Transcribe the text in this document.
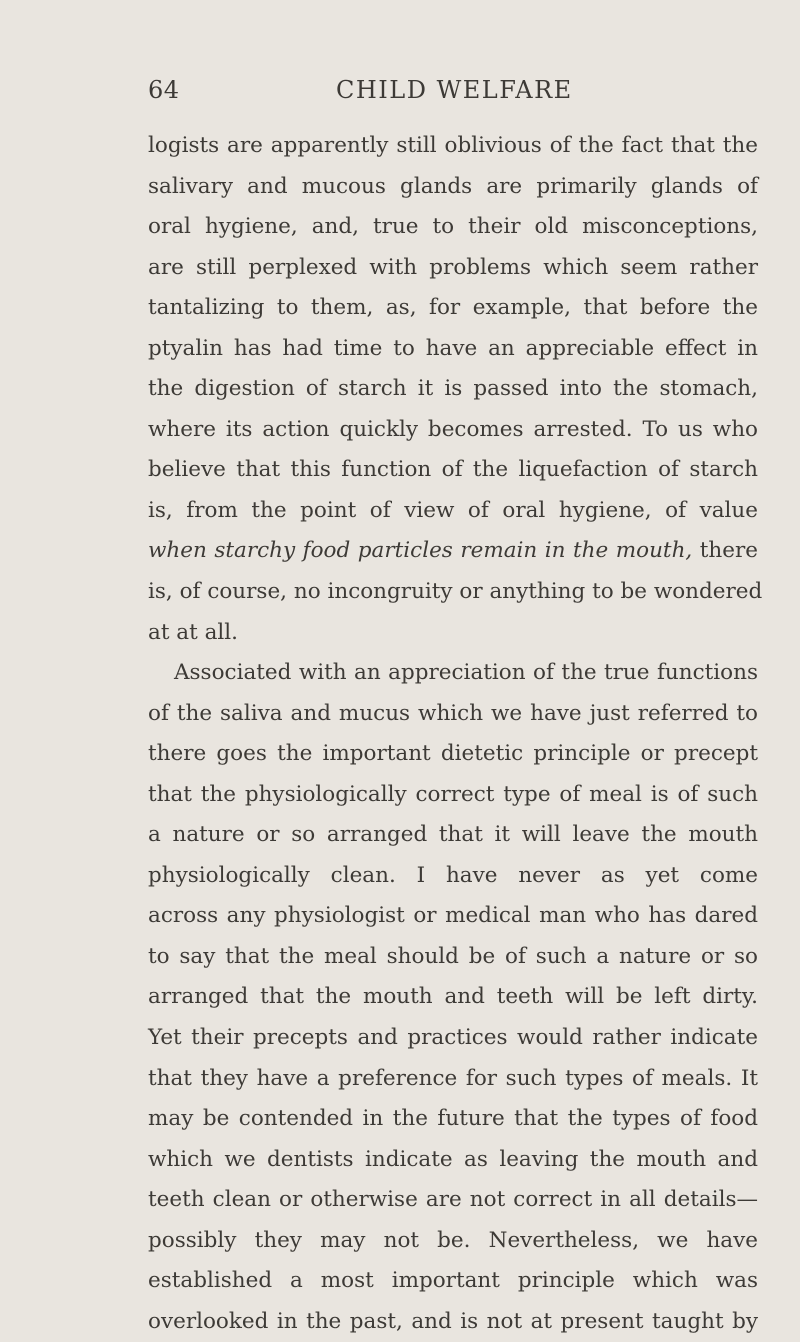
64	CHILD WELFARE
logists are apparently still oblivious of the fact that the
salivary and mucous glands are primarily glands of
oral hygiene, and, true to their old misconceptions,
are still perplexed with problems which seem rather
tantalizing to them, as, for example, that before the
ptyalin has had time to have an appreciable effect in
the digestion of starch it is passed into the stomach,
where its action quickly becomes arrested. To us who
believe that this function of the liquefaction of starch
is, from the point of view of oral hygiene, of value
when starchy food particles remain in the mouth, there
is, of course, no incongruity or anything to be wondered
at at all.
Associated with an appreciation of the true functions
of the saliva and mucus which we have just referred to
there goes the important dietetic principle or precept
that the physiologically correct type of meal is of such
a nature or so arranged that it will leave the mouth
physiologically clean. I have never as yet come
across any physiologist or medical man who has dared
to say that the meal should be of such a nature or so
arranged that the mouth and teeth will be left dirty.
Yet their precepts and practices would rather indicate
that they have a preference for such types of meals. It
may be contended in the future that the types of food
which we dentists indicate as leaving the mouth and
teeth clean or otherwise are not correct in all details—
possibly they may not be. Nevertheless, we have
established a most important principle which was
overlooked in the past, and is not at present taught by
